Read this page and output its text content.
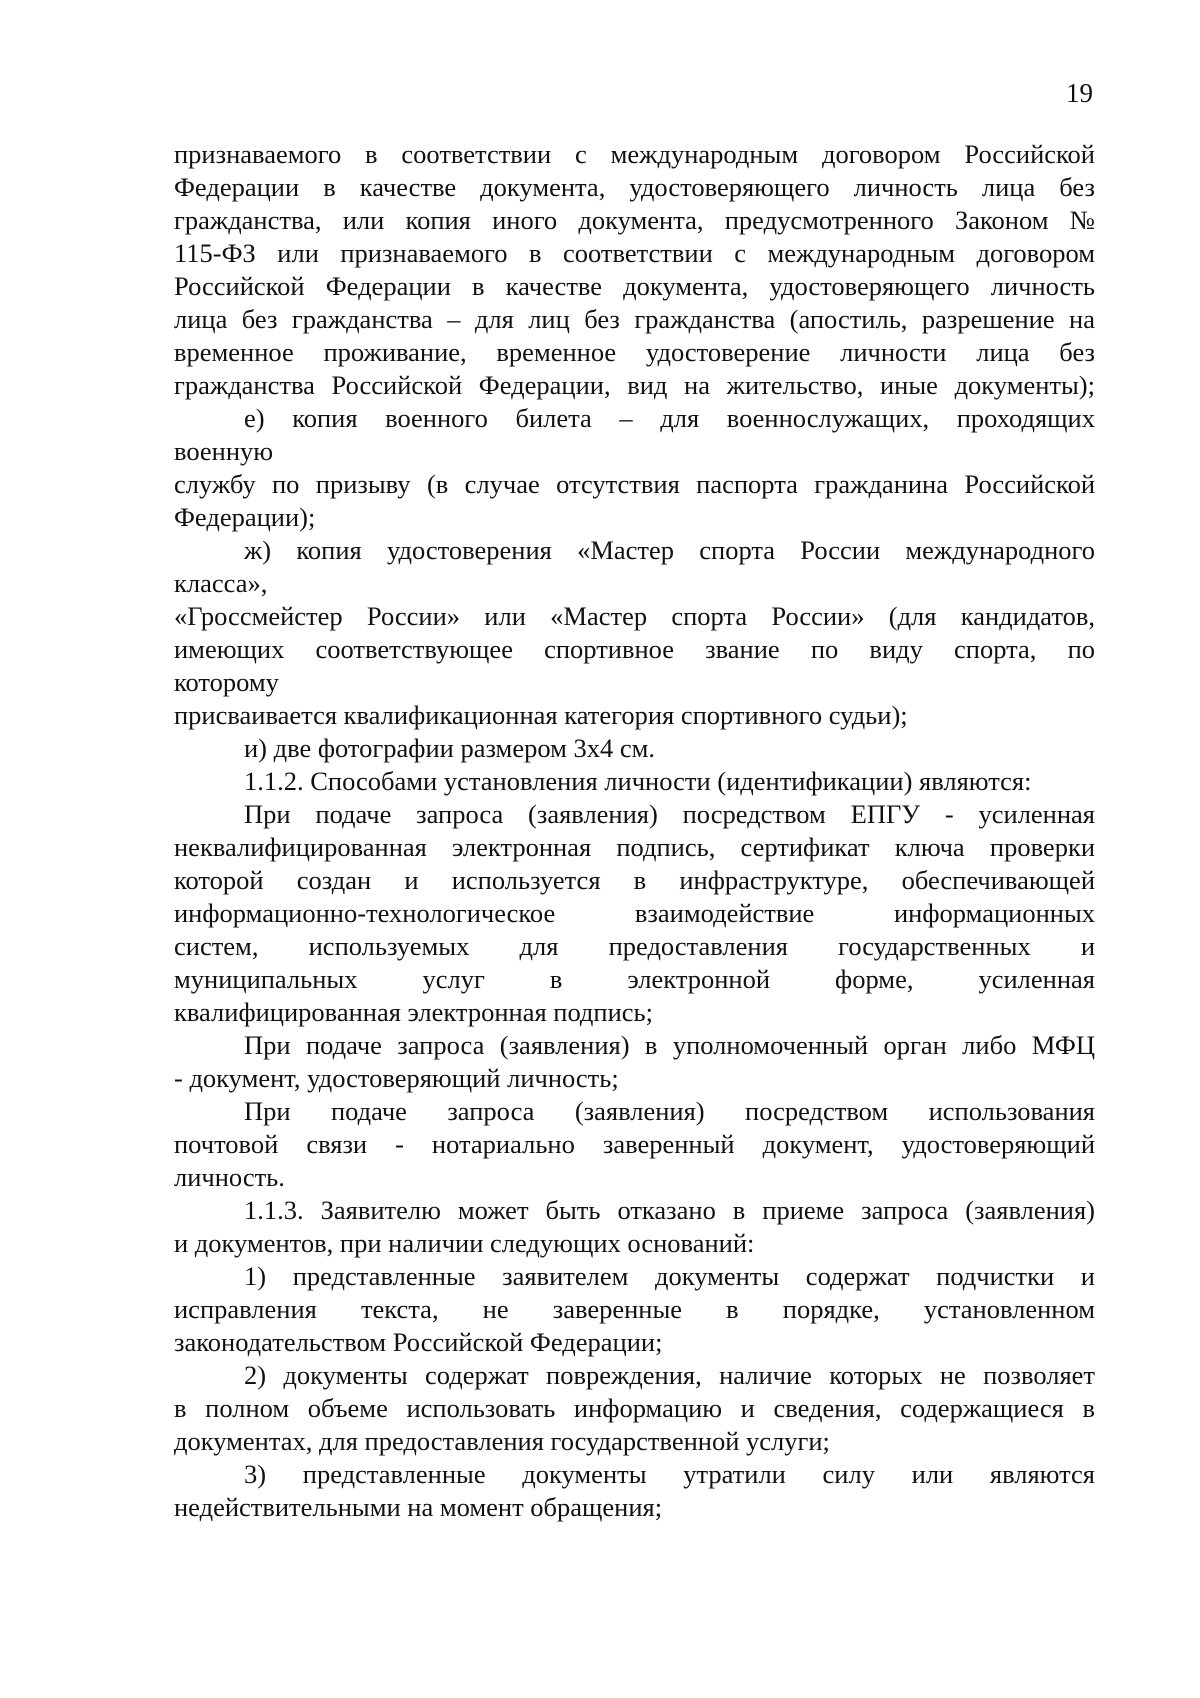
19
признаваемого в соответствии с международным договором Российской
Федерации в качестве документа, удостоверяющего личность лица без
гражданства, или копия иного документа, предусмотренного Законом №
115-ФЗ или признаваемого в соответствии с международным договором
Российской Федерации в качестве документа, удостоверяющего личность
лица без гражданства – для лиц без гражданства (апостиль, разрешение на
временное проживание, временное удостоверение личности лица без
гражданства Российской Федерации, вид на жительство, иные документы);
е) копия военного билета – для военнослужащих, проходящих
военную
службу по призыву (в случае отсутствия паспорта гражданина Российской
Федерации);
ж) копия удостоверения «Мастер спорта России международного
класса»,
«Гроссмейстер России» или «Мастер спорта России» (для кандидатов,
имеющих соответствующее спортивное звание по виду спорта, по
которому
присваивается квалификационная категория спортивного судьи);
и) две фотографии размером 3х4 см.
1.1.2. Способами установления личности (идентификации) являются:
При подаче запроса (заявления) посредством ЕПГУ - усиленная
неквалифицированная электронная подпись, сертификат ключа проверки
которой создан и используется в инфраструктуре, обеспечивающей
информационно-технологическое взаимодействие информационных
систем, используемых для предоставления государственных и
муниципальных услуг в электронной форме, усиленная
квалифицированная электронная подпись;
При подаче запроса (заявления) в уполномоченный орган либо МФЦ
- документ, удостоверяющий личность;
При подаче запроса (заявления) посредством использования
почтовой связи - нотариально заверенный документ, удостоверяющий
личность.
1.1.3. Заявителю может быть отказано в приеме запроса (заявления)
и документов, при наличии следующих оснований:
1) представленные заявителем документы содержат подчистки и
исправления текста, не заверенные в порядке, установленном
законодательством Российской Федерации;
2) документы содержат повреждения, наличие которых не позволяет
в полном объеме использовать информацию и сведения, содержащиеся в
документах, для предоставления государственной услуги;
3) представленные документы утратили силу или являются
недействительными на момент обращения;
